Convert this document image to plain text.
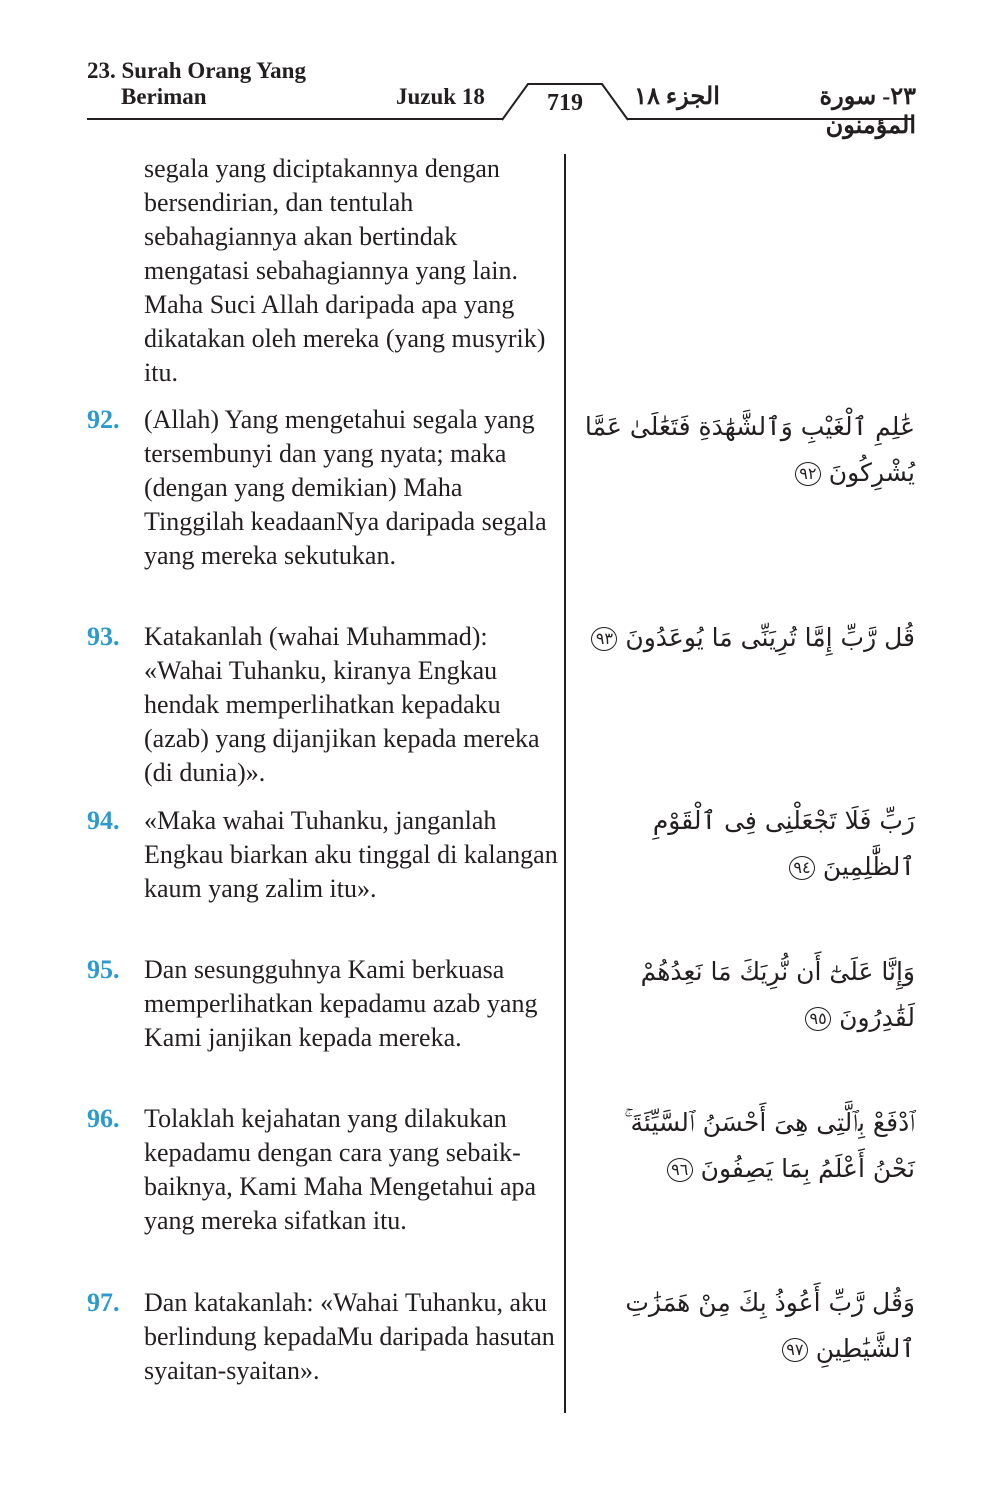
23. Surah Orang Yang
Beriman	Juzuk 18	719	الجزء ١٨	٢٣- سورة المؤمنون
segala yang diciptakannya dengan bersendirian, dan tentulah sebahagiannya akan bertindak mengatasi sebahagiannya yang lain. Maha Suci Allah daripada apa yang dikatakan oleh mereka (yang musyrik) itu.
92. (Allah) Yang mengetahui segala yang tersembunyi dan yang nyata; maka (dengan yang demikian) Maha Tinggilah keadaanNya daripada segala yang mereka sekutukan.
عَٰلِمِ ٱلْغَيْبِ وَٱلشَّهَٰدَةِ فَتَعَٰلَىٰ عَمَّا يُشْرِكُونَ ٩٢
93. Katakanlah (wahai Muhammad): «Wahai Tuhanku, kiranya Engkau hendak memperlihatkan kepadaku (azab) yang dijanjikan kepada mereka (di dunia)».
قُل رَّبِّ إِمَّا تُرِيَنِّى مَا يُوعَدُونَ ٩٣
94. «Maka wahai Tuhanku, janganlah Engkau biarkan aku tinggal di kalangan kaum yang zalim itu».
رَبِّ فَلَا تَجْعَلْنِى فِى ٱلْقَوْمِ ٱلظَّٰلِمِينَ ٩٤
95. Dan sesungguhnya Kami berkuasa memperlihatkan kepadamu azab yang Kami janjikan kepada mereka.
وَإِنَّا عَلَىٰٓ أَن نُّرِيَكَ مَا نَعِدُهُمْ لَقَٰدِرُونَ ٩٥
96. Tolaklah kejahatan yang dilakukan kepadamu dengan cara yang sebaik-baiknya, Kami Maha Mengetahui apa yang mereka sifatkan itu.
ٱدْفَعْ بِٱلَّتِى هِىَ أَحْسَنُ ٱلسَّيِّئَةَ ۚ نَحْنُ أَعْلَمُ بِمَا يَصِفُونَ ٩٦
97. Dan katakanlah: «Wahai Tuhanku, aku berlindung kepadaMu daripada hasutan syaitan-syaitan».
وَقُل رَّبِّ أَعُوذُ بِكَ مِنْ هَمَزَٰتِ ٱلشَّيَٰطِينِ ٩٧
